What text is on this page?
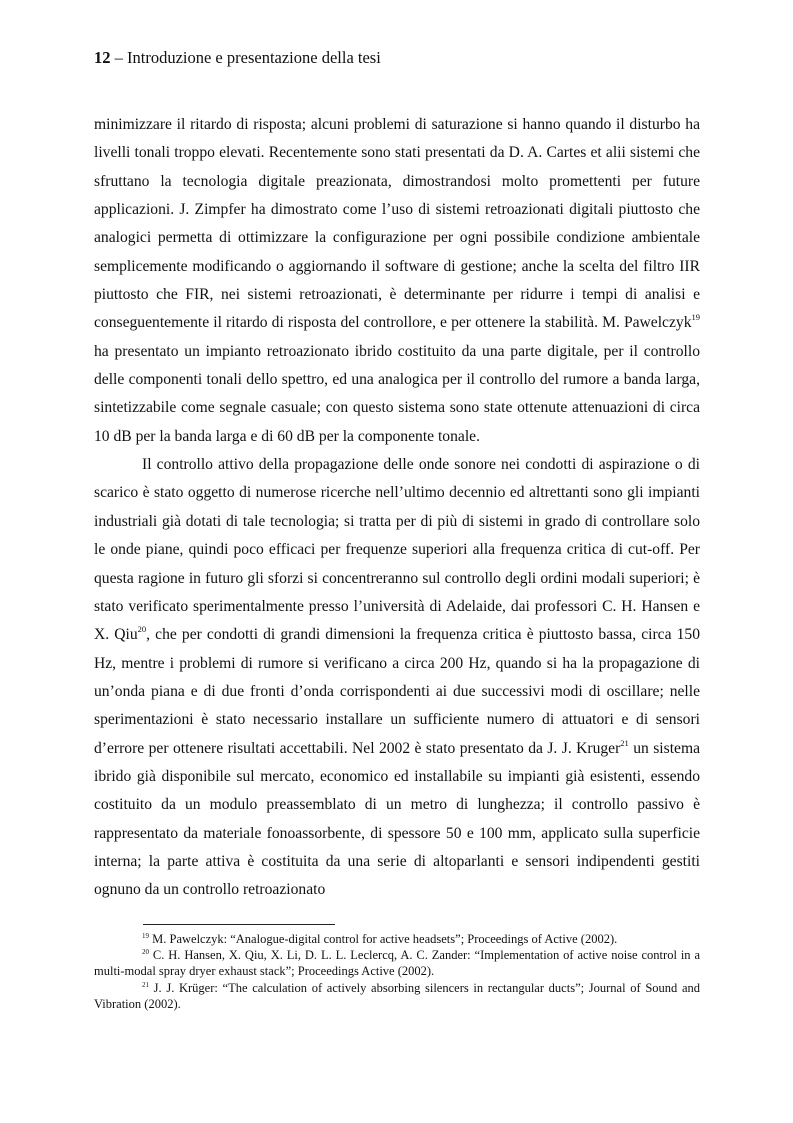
12 – Introduzione e presentazione della tesi

minimizzare il ritardo di risposta; alcuni problemi di saturazione si hanno quando il disturbo ha livelli tonali troppo elevati. Recentemente sono stati presentati da D. A. Cartes et alii sistemi che sfruttano la tecnologia digitale preazionata, dimostrandosi molto promettenti per future applicazioni. J. Zimpfer ha dimostrato come l’uso di sistemi retroazionati digitali piuttosto che analogici permetta di ottimizzare la configurazione per ogni possibile condizione ambientale semplicemente modificando o aggiornando il software di gestione; anche la scelta del filtro IIR piuttosto che FIR, nei sistemi retroazionati, è determinante per ridurre i tempi di analisi e conseguentemente il ritardo di risposta del controllore, e per ottenere la stabilità. M. Pawelczyk$^{19}$ ha presentato un impianto retroazionato ibrido costituito da una parte digitale, per il controllo delle componenti tonali dello spettro, ed una analogica per il controllo del rumore a banda larga, sintetizzabile come segnale casuale; con questo sistema sono state ottenute attenuazioni di circa 10 dB per la banda larga e di 60 dB per la componente tonale.

Il controllo attivo della propagazione delle onde sonore nei condotti di aspirazione o di scarico è stato oggetto di numerose ricerche nell’ultimo decennio ed altrettanti sono gli impianti industriali già dotati di tale tecnologia; si tratta per di più di sistemi in grado di controllare solo le onde piane, quindi poco efficaci per frequenze superiori alla frequenza critica di cut-off. Per questa ragione in futuro gli sforzi si concentreranno sul controllo degli ordini modali superiori; è stato verificato sperimentalmente presso l’università di Adelaide, dai professori C. H. Hansen e X. Qiu$^{20}$, che per condotti di grandi dimensioni la frequenza critica è piuttosto bassa, circa 150 Hz, mentre i problemi di rumore si verificano a circa 200 Hz, quando si ha la propagazione di un’onda piana e di due fronti d’onda corrispondenti ai due successivi modi di oscillare; nelle sperimentazioni è stato necessario installare un sufficiente numero di attuatori e di sensori d’errore per ottenere risultati accettabili. Nel 2002 è stato presentato da J. J. Kruger$^{21}$ un sistema ibrido già disponibile sul mercato, economico ed installabile su impianti già esistenti, essendo costituito da un modulo preassemblato di un metro di lunghezza; il controllo passivo è rappresentato da materiale fonoassorbente, di spessore 50 e 100 mm, applicato sulla superficie interna; la parte attiva è costituita da una serie di altoparlanti e sensori indipendenti gestiti ognuno da un controllo retroazionato

$^{19}$ M. Pawelczyk: “Analogue-digital control for active headsets”; Proceedings of Active (2002).

$^{20}$ C. H. Hansen, X. Qiu, X. Li, D. L. L. Leclercq, A. C. Zander: “Implementation of active noise control in a multi-modal spray dryer exhaust stack”; Proceedings Active (2002).

$^{21}$ J. J. Krüger: “The calculation of actively absorbing silencers in rectangular ducts”; Journal of Sound and Vibration (2002).
